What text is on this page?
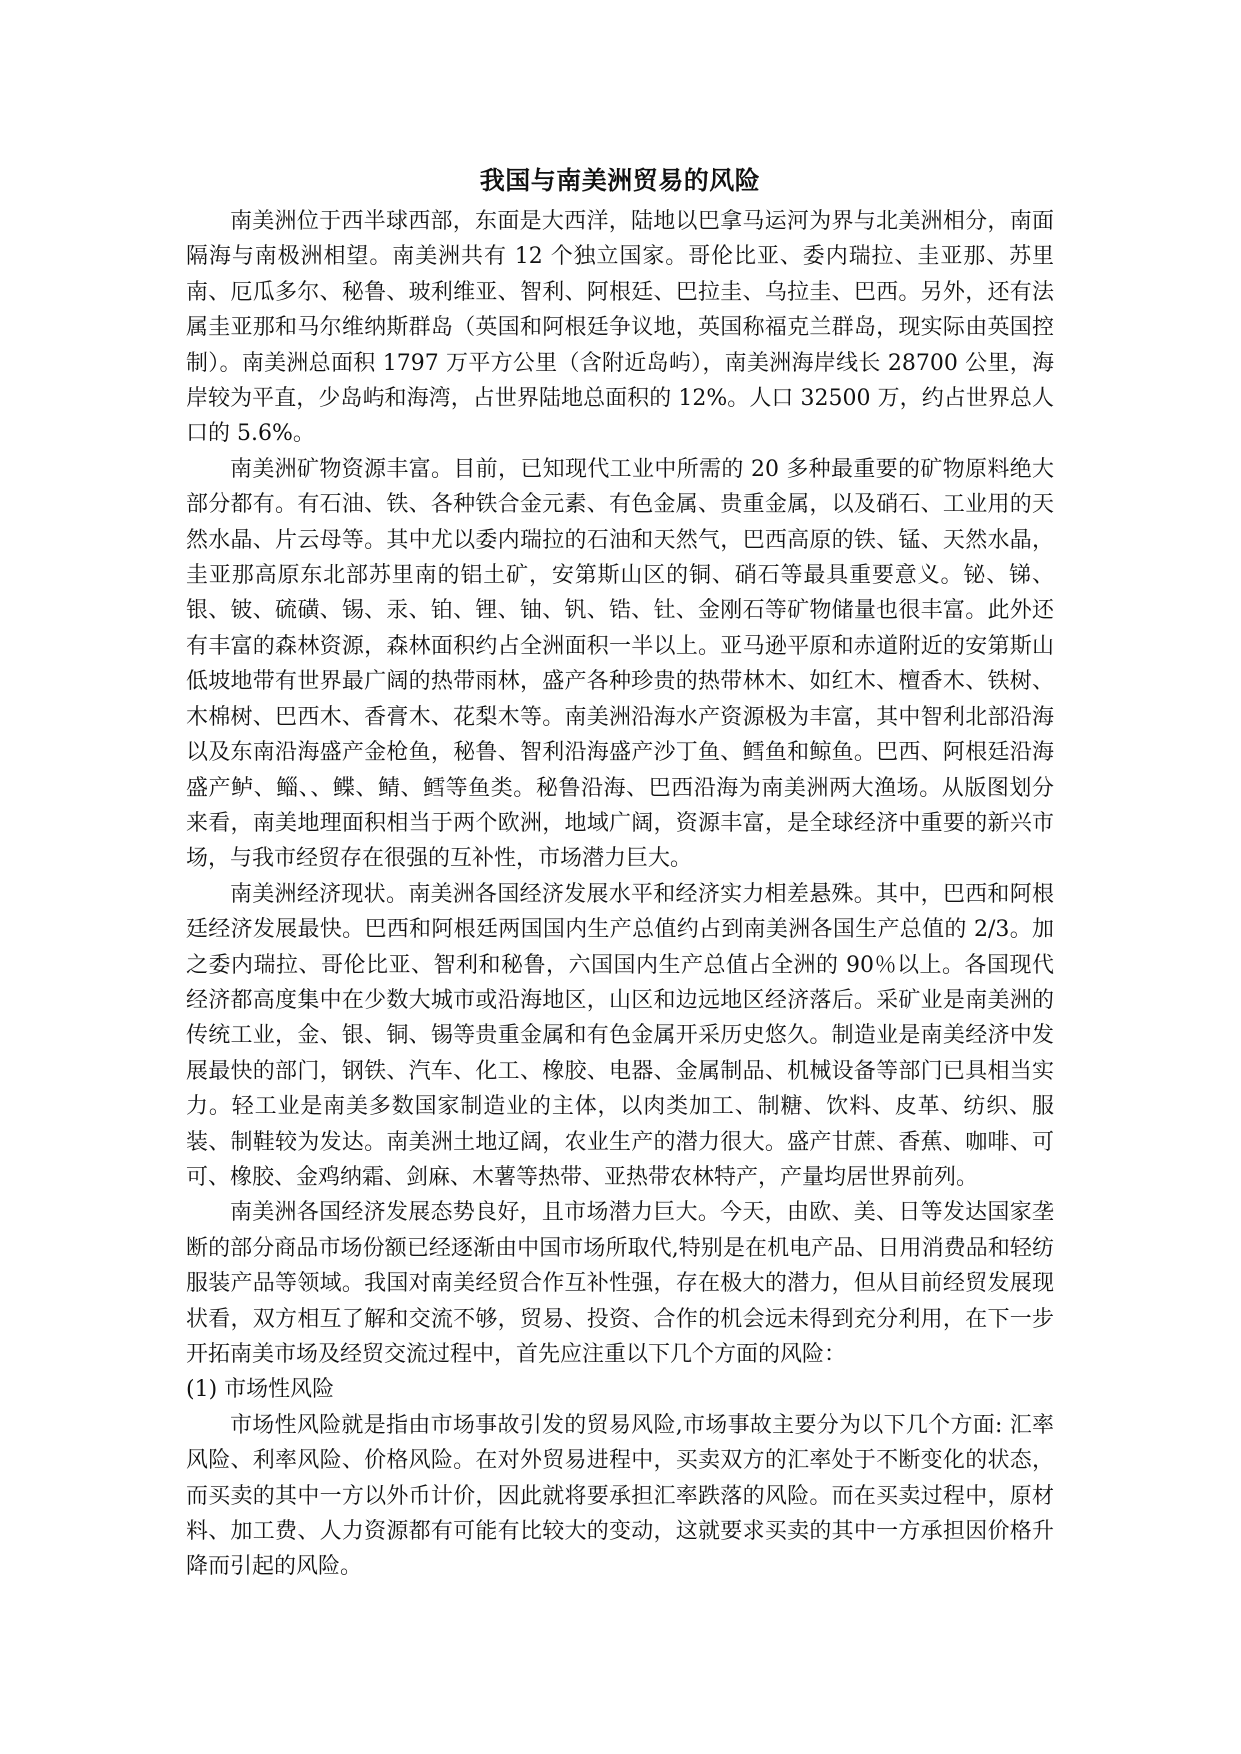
我国与南美洲贸易的风险

南美洲位于西半球西部，东面是大西洋，陆地以巴拿马运河为界与北美洲相分，南面隔海与南极洲相望。南美洲共有 12 个独立国家。哥伦比亚、委内瑞拉、圭亚那、苏里南、厄瓜多尔、秘鲁、玻利维亚、智利、阿根廷、巴拉圭、乌拉圭、巴西。另外，还有法属圭亚那和马尔维纳斯群岛（英国和阿根廷争议地，英国称福克兰群岛，现实际由英国控制）。南美洲总面积 1797 万平方公里（含附近岛屿），南美洲海岸线长 28700 公里，海岸较为平直，少岛屿和海湾，占世界陆地总面积的 12%。人口 32500 万，约占世界总人口的 5.6%。

南美洲矿物资源丰富。目前，已知现代工业中所需的 20 多种最重要的矿物原料绝大部分都有。有石油、铁、各种铁合金元素、有色金属、贵重金属，以及硝石、工业用的天然水晶、片云母等。其中尤以委内瑞拉的石油和天然气，巴西高原的铁、锰、天然水晶，圭亚那高原东北部苏里南的铝土矿，安第斯山区的铜、硝石等最具重要意义。铋、锑、银、铍、硫磺、锡、汞、铂、锂、铀、钒、锆、钍、金刚石等矿物储量也很丰富。此外还有丰富的森林资源，森林面积约占全洲面积一半以上。亚马逊平原和赤道附近的安第斯山低坡地带有世界最广阔的热带雨林，盛产各种珍贵的热带林木、如红木、檀香木、铁树、木棉树、巴西木、香膏木、花梨木等。南美洲沿海水产资源极为丰富，其中智利北部沿海以及东南沿海盛产金枪鱼，秘鲁、智利沿海盛产沙丁鱼、鳕鱼和鲸鱼。巴西、阿根廷沿海盛产鲈、鲻、、鲽、鲭、鳕等鱼类。秘鲁沿海、巴西沿海为南美洲两大渔场。从版图划分来看，南美地理面积相当于两个欧洲，地域广阔，资源丰富，是全球经济中重要的新兴市场，与我市经贸存在很强的互补性，市场潜力巨大。

南美洲经济现状。南美洲各国经济发展水平和经济实力相差悬殊。其中，巴西和阿根廷经济发展最快。巴西和阿根廷两国国内生产总值约占到南美洲各国生产总值的 2/3。加之委内瑞拉、哥伦比亚、智利和秘鲁，六国国内生产总值占全洲的 90％以上。各国现代经济都高度集中在少数大城市或沿海地区，山区和边远地区经济落后。采矿业是南美洲的传统工业，金、银、铜、锡等贵重金属和有色金属开采历史悠久。制造业是南美经济中发展最快的部门，钢铁、汽车、化工、橡胶、电器、金属制品、机械设备等部门已具相当实力。轻工业是南美多数国家制造业的主体，以肉类加工、制糖、饮料、皮革、纺织、服装、制鞋较为发达。南美洲土地辽阔，农业生产的潜力很大。盛产甘蔗、香蕉、咖啡、可可、橡胶、金鸡纳霜、剑麻、木薯等热带、亚热带农林特产，产量均居世界前列。

南美洲各国经济发展态势良好，且市场潜力巨大。今天，由欧、美、日等发达国家垄断的部分商品市场份额已经逐渐由中国市场所取代,特别是在机电产品、日用消费品和轻纺服装产品等领域。我国对南美经贸合作互补性强，存在极大的潜力，但从目前经贸发展现状看，双方相互了解和交流不够，贸易、投资、合作的机会远未得到充分利用，在下一步开拓南美市场及经贸交流过程中，首先应注重以下几个方面的风险：

(1) 市场性风险

市场性风险就是指由市场事故引发的贸易风险,市场事故主要分为以下几个方面: 汇率风险、利率风险、价格风险。在对外贸易进程中，买卖双方的汇率处于不断变化的状态，而买卖的其中一方以外币计价，因此就将要承担汇率跌落的风险。而在买卖过程中，原材料、加工费、人力资源都有可能有比较大的变动，这就要求买卖的其中一方承担因价格升降而引起的风险。
